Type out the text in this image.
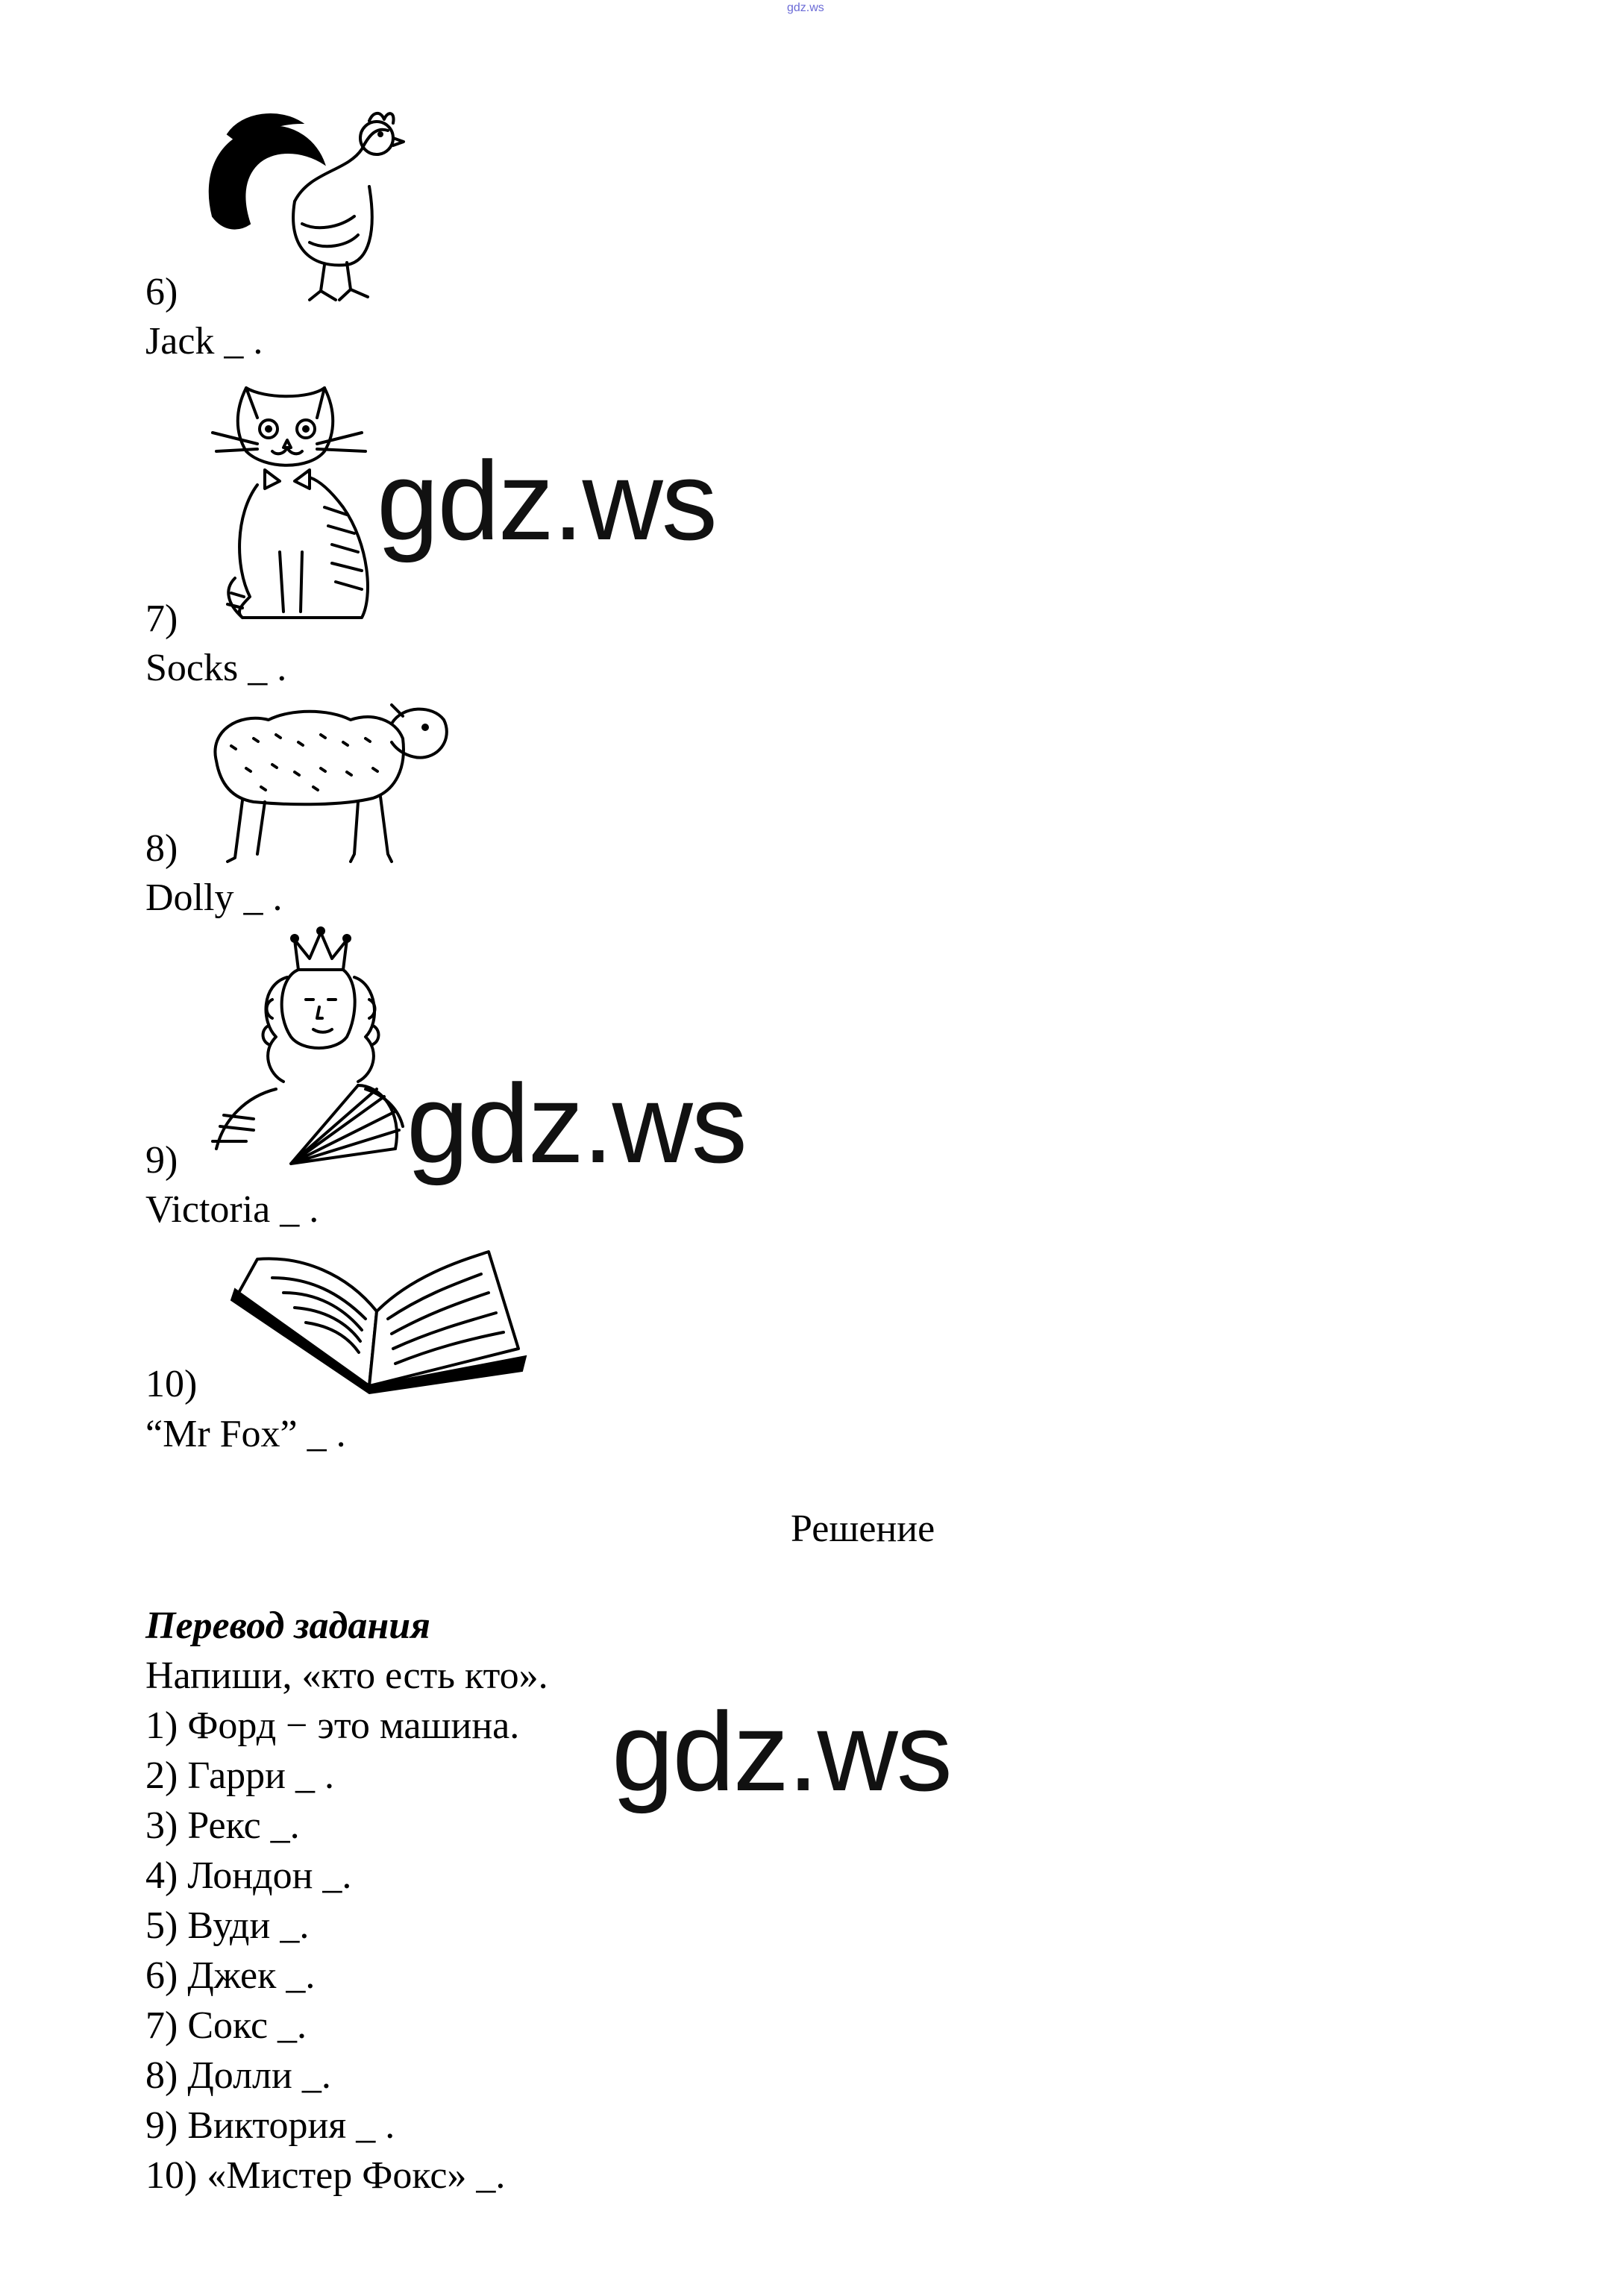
gdz.ws
6)
Jack _ .
gdz.ws
7)
Socks _ .
8)
Dolly _ .
gdz.ws
9)
Victoria _ .
10)
“Mr Fox” _ .
Решение
Перевод задания
Напиши, «кто есть кто».
1) Форд − это машина.
2) Гарри _ .
3) Рекс _.
4) Лондон _.
5) Вуди _.
6) Джек _.
7) Сокс _.
8) Долли _.
9) Виктория _ .
10) «Мистер Фокс» _.
gdz.ws
